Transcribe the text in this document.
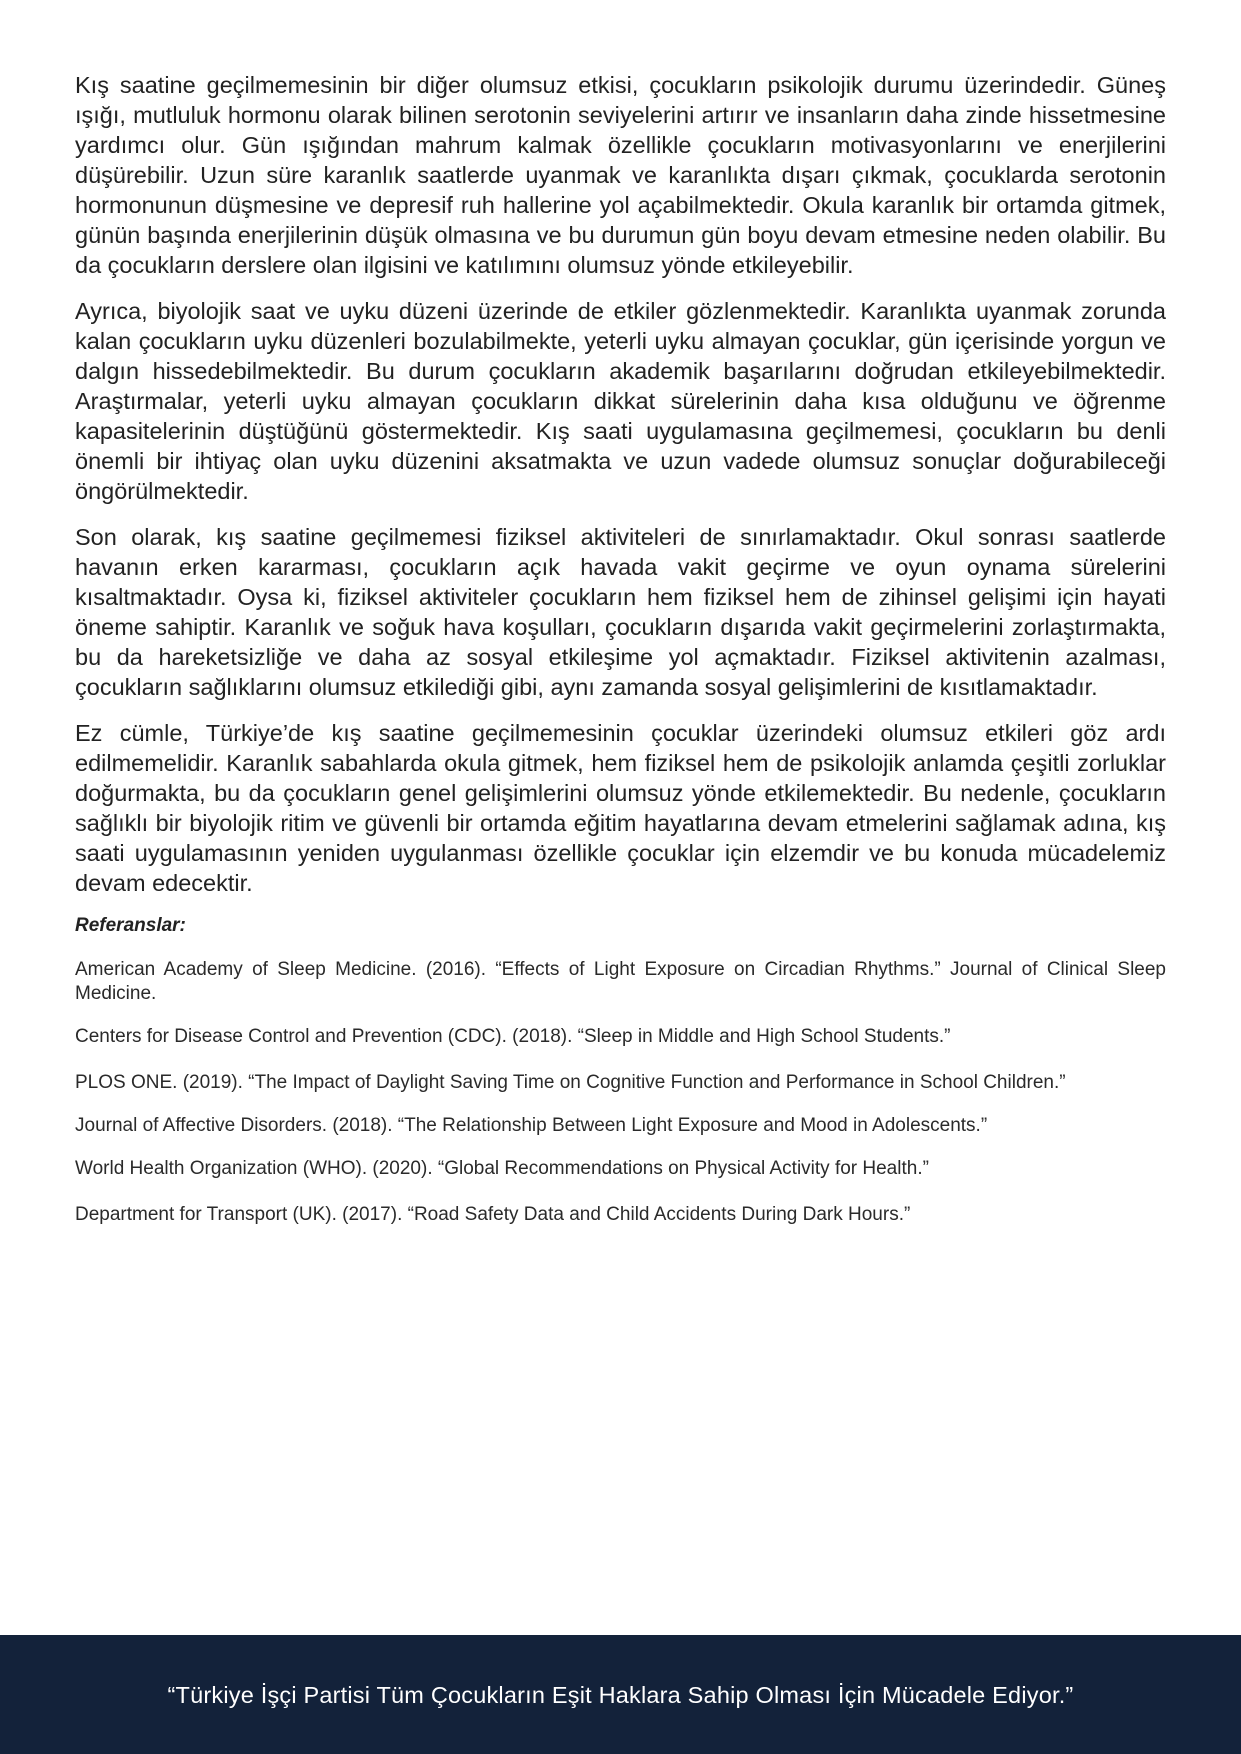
Kış saatine geçilmemesinin bir diğer olumsuz etkisi, çocukların psikolojik durumu üzerindedir. Güneş ışığı, mutluluk hormonu olarak bilinen serotonin seviyelerini artırır ve insanların daha zinde hissetmesine yardımcı olur. Gün ışığından mahrum kalmak özellikle çocukların motivasyonlarını ve enerjilerini düşürebilir. Uzun süre karanlık saatlerde uyanmak ve karanlıkta dışarı çıkmak, çocuklarda serotonin hormonunun düşmesine ve depresif ruh hallerine yol açabilmektedir. Okula karanlık bir ortamda gitmek, günün başında enerjilerinin düşük olmasına ve bu durumun gün boyu devam etmesine neden olabilir. Bu da çocukların derslere olan ilgisini ve katılımını olumsuz yönde etkileyebilir.

Ayrıca, biyolojik saat ve uyku düzeni üzerinde de etkiler gözlenmektedir. Karanlıkta uyanmak zorunda kalan çocukların uyku düzenleri bozulabilmekte, yeterli uyku almayan çocuklar, gün içerisinde yorgun ve dalgın hissedebilmektedir. Bu durum çocukların akademik başarılarını doğrudan etkileyebilmektedir. Araştırmalar, yeterli uyku almayan çocukların dikkat sürelerinin daha kısa olduğunu ve öğrenme kapasitelerinin düştüğünü göstermektedir. Kış saati uygulamasına geçilmemesi, çocukların bu denli önemli bir ihtiyaç olan uyku düzenini aksatmakta ve uzun vadede olumsuz sonuçlar doğurabileceği öngörülmektedir.

Son olarak, kış saatine geçilmemesi fiziksel aktiviteleri de sınırlamaktadır. Okul sonrası saatlerde havanın erken kararması, çocukların açık havada vakit geçirme ve oyun oynama sürelerini kısaltmaktadır. Oysa ki, fiziksel aktiviteler çocukların hem fiziksel hem de zihinsel gelişimi için hayati öneme sahiptir. Karanlık ve soğuk hava koşulları, çocukların dışarıda vakit geçirmelerini zorlaştırmakta, bu da hareketsizliğe ve daha az sosyal etkileşime yol açmaktadır. Fiziksel aktivitenin azalması, çocukların sağlıklarını olumsuz etkilediği gibi, aynı zamanda sosyal gelişimlerini de kısıtlamaktadır.

Ez cümle, Türkiye’de kış saatine geçilmemesinin çocuklar üzerindeki olumsuz etkileri göz ardı edilmemelidir. Karanlık sabahlarda okula gitmek, hem fiziksel hem de psikolojik anlamda çeşitli zorluklar doğurmakta, bu da çocukların genel gelişimlerini olumsuz yönde etkilemektedir. Bu nedenle, çocukların sağlıklı bir biyolojik ritim ve güvenli bir ortamda eğitim hayatlarına devam etmelerini sağlamak adına, kış saati uygulamasının yeniden uygulanması özellikle çocuklar için elzemdir ve bu konuda mücadelemiz devam edecektir.

Referanslar:

American Academy of Sleep Medicine. (2016). “Effects of Light Exposure on Circadian Rhythms.” Journal of Clinical Sleep Medicine.

Centers for Disease Control and Prevention (CDC). (2018). “Sleep in Middle and High School Students.”

PLOS ONE. (2019). “The Impact of Daylight Saving Time on Cognitive Function and Performance in School Children.”

Journal of Affective Disorders. (2018). “The Relationship Between Light Exposure and Mood in Adolescents.”

World Health Organization (WHO). (2020). “Global Recommendations on Physical Activity for Health.”

Department for Transport (UK). (2017). “Road Safety Data and Child Accidents During Dark Hours.”

“Türkiye İşçi Partisi Tüm Çocukların Eşit Haklara Sahip Olması İçin Mücadele Ediyor.”
